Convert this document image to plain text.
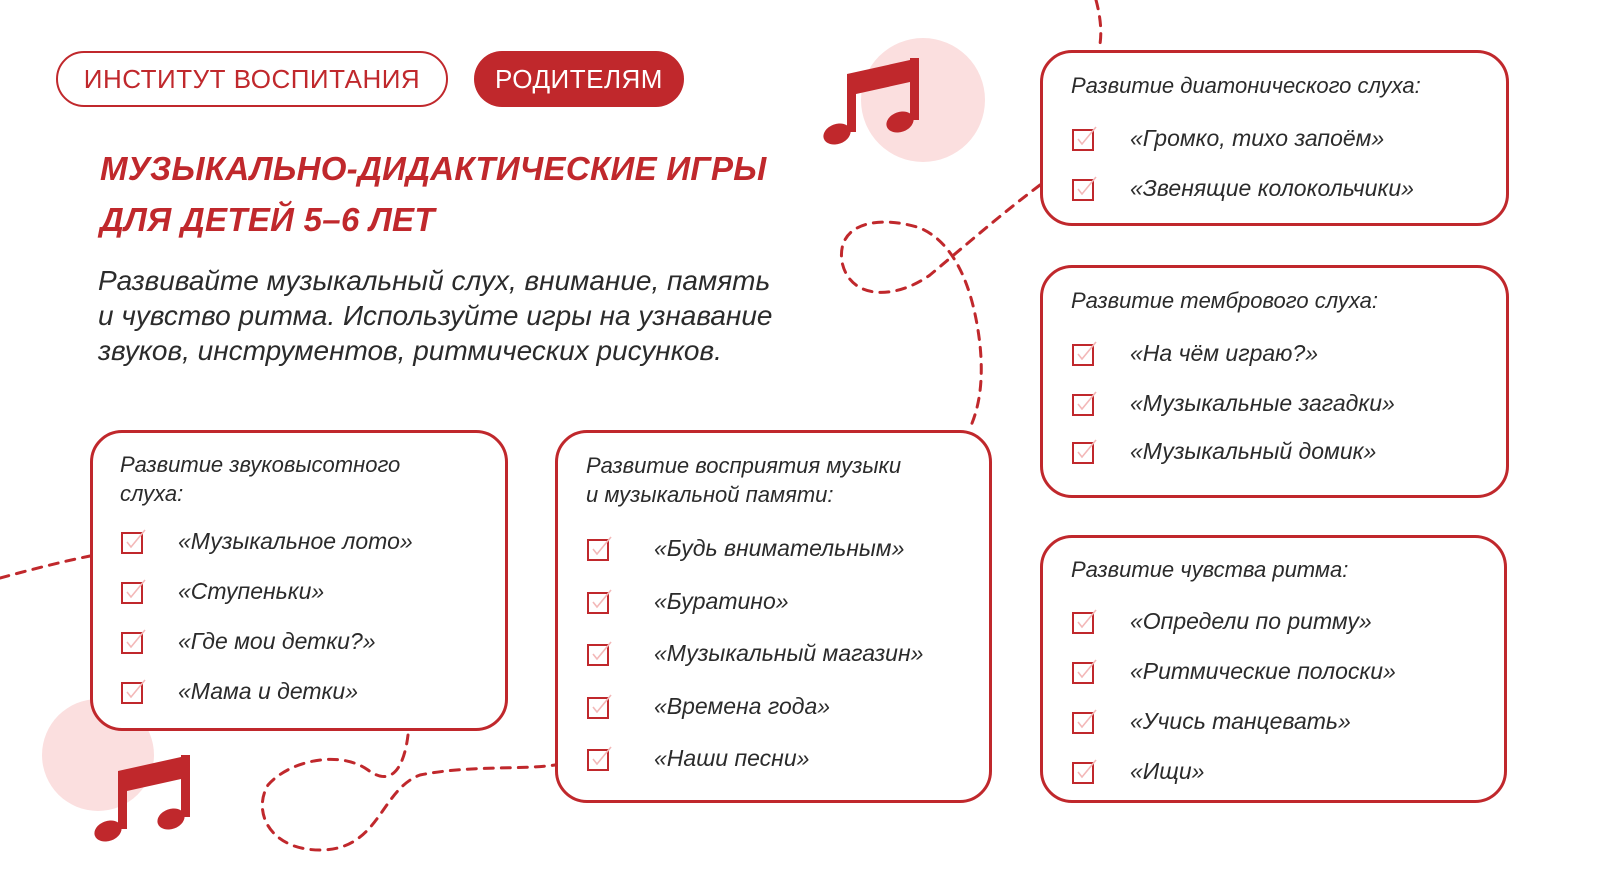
ИНСТИТУТ ВОСПИТАНИЯ	РОДИТЕЛЯМ
МУЗЫКАЛЬНО-ДИДАКТИЧЕСКИЕ ИГРЫ
ДЛЯ ДЕТЕЙ 5–6 ЛЕТ

Развивайте музыкальный слух, внимание, память
и чувство ритма. Используйте игры на узнавание
звуков, инструментов, ритмических рисунков.

Развитие звуковысотного
слуха:
«Музыкальное лото»
«Ступеньки»
«Где мои детки?»
«Мама и детки»
Развитие восприятия музыки
и музыкальной памяти:
«Будь внимательным»
«Буратино»
«Музыкальный магазин»
«Времена года»
«Наши песни»
Развитие диатонического слуха:
«Громко, тихо запоём»
«Звенящие колокольчики»
Развитие тембрового слуха:
«На чём играю?»
«Музыкальные загадки»
«Музыкальный домик»
Развитие чувства ритма:
«Определи по ритму»
«Ритмические полоски»
«Учись танцевать»
«Ищи»
